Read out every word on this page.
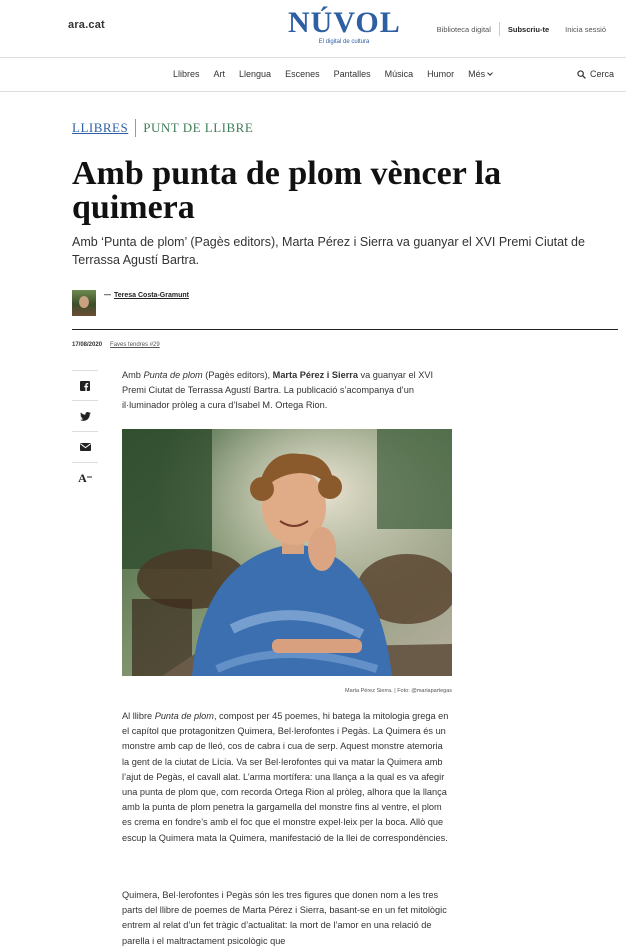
ara.cat	NÚVOL
El digital de cultura
Biblioteca digital	Subscriu-te	Inicia sessió
Llibres Art Llengua Escenes Pantalles Música Humor Més	Cerca
LLIBRES PUNT DE LLIBRE
Amb punta de plom vèncer la quimera
Amb ‘Punta de plom’ (Pagès editors), Marta Pérez i Sierra va guanyar el XVI Premi Ciutat de Terrassa Agustí Bartra.
— Teresa Costa-Gramunt
17/08/2020 Faves tendres #29
A

Amb Punta de plom (Pagès editors), Marta Pérez i Sierra va guanyar el XVI Premi Ciutat de Terrassa Agustí Bartra. La publicació s’acompanya d’un il·luminador pròleg a cura d’Isabel M. Ortega Rion.

Marta Pérez Sierra. | Foto: @mariapartegas

Al llibre Punta de plom, compost per 45 poemes, hi batega la mitologia grega en el capítol que protagonitzen Quimera, Bel·lerofontes i Pegàs. La Quimera és un monstre amb cap de lleó, cos de cabra i cua de serp. Aquest monstre atemoria la gent de la ciutat de Lícia. Va ser Bel·lerofontes qui va matar la Quimera amb l’ajut de Pegàs, el cavall alat. L’arma mortífera: una llança a la qual es va afegir una punta de plom que, com recorda Ortega Rion al pròleg, alhora que la llança amb la punta de plom penetra la gargamella del monstre fins al ventre, el plom es crema en fondre’s amb el foc que el monstre expel·leix per la boca. Allò que escup la Quimera mata la Quimera, manifestació de la llei de correspondències.

Quimera, Bel·lerofontes i Pegàs són les tres figures que donen nom a les tres parts del llibre de poemes de Marta Pérez i Sierra, basant-se en un fet mitològic entrem al relat d’un fet tràgic d’actualitat: la mort de l’amor en una relació de parella i el maltractament psicològic que
